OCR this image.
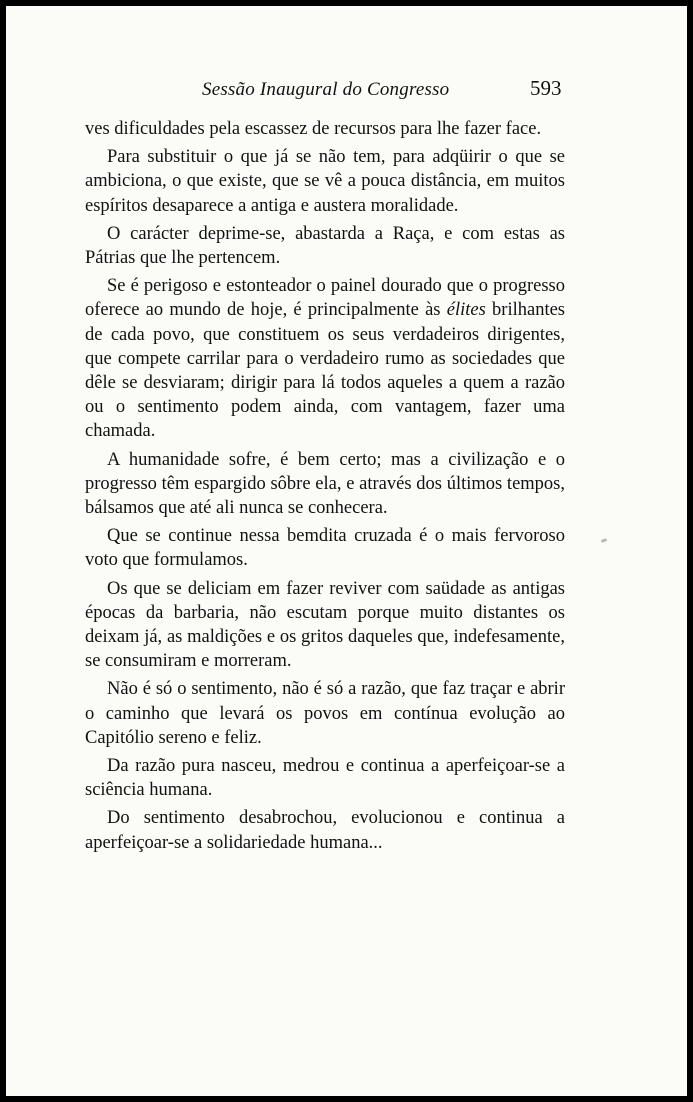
Sessão Inaugural do Congresso	593

ves dificuldades pela escassez de recursos para lhe fazer face.

Para substituir o que já se não tem, para adqüirir o que se ambiciona, o que existe, que se vê a pouca distância, em muitos espíritos desaparece a antiga e austera moralidade.

O carácter deprime-se, abastarda a Raça, e com estas as Pátrias que lhe pertencem.

Se é perigoso e estonteador o painel dourado que o progresso oferece ao mundo de hoje, é principalmente às élites brilhantes de cada povo, que constituem os seus verdadeiros dirigentes, que compete carrilar para o verdadeiro rumo as sociedades que dêle se desviaram; dirigir para lá todos aqueles a quem a razão ou o sentimento podem ainda, com vantagem, fazer uma chamada.

A humanidade sofre, é bem certo; mas a civilização e o progresso têm espargido sôbre ela, e através dos últimos tempos, bálsamos que até ali nunca se conhecera.

Que se continue nessa bemdita cruzada é o mais fervoroso voto que formulamos.

Os que se deliciam em fazer reviver com saüdade as antigas épocas da barbaria, não escutam porque muito distantes os deixam já, as maldições e os gritos daqueles que, indefesamente, se consumiram e morreram.

Não é só o sentimento, não é só a razão, que faz traçar e abrir o caminho que levará os povos em contínua evolução ao Capitólio sereno e feliz.

Da razão pura nasceu, medrou e continua a aperfeiçoar-se a sciência humana.

Do sentimento desabrochou, evolucionou e continua a aperfeiçoar-se a solidariedade humana...
